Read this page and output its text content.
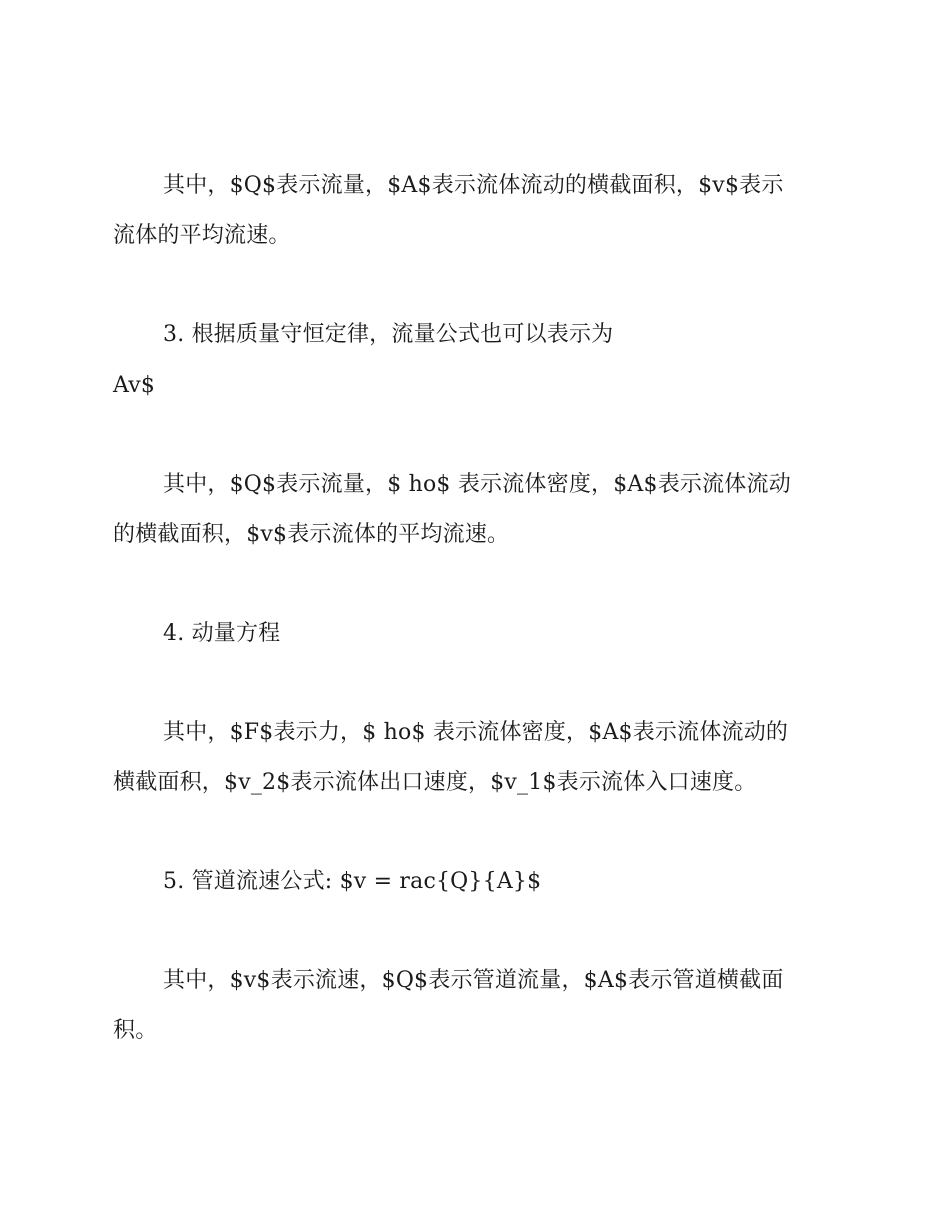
其中，$Q$表示流量，$A$表示流体流动的横截面积，$v$表示
流体的平均流速。
3. 根据质量守恒定律，流量公式也可以表示为
Av$
其中，$Q$表示流量，$ ho$ 表示流体密度，$A$表示流体流动
的横截面积，$v$表示流体的平均流速。
4. 动量方程
其中，$F$表示力，$ ho$ 表示流体密度，$A$表示流体流动的
横截面积，$v_2$表示流体出口速度，$v_1$表示流体入口速度。
5. 管道流速公式: $v = rac{Q}{A}$
其中，$v$表示流速，$Q$表示管道流量，$A$表示管道横截面
积。
